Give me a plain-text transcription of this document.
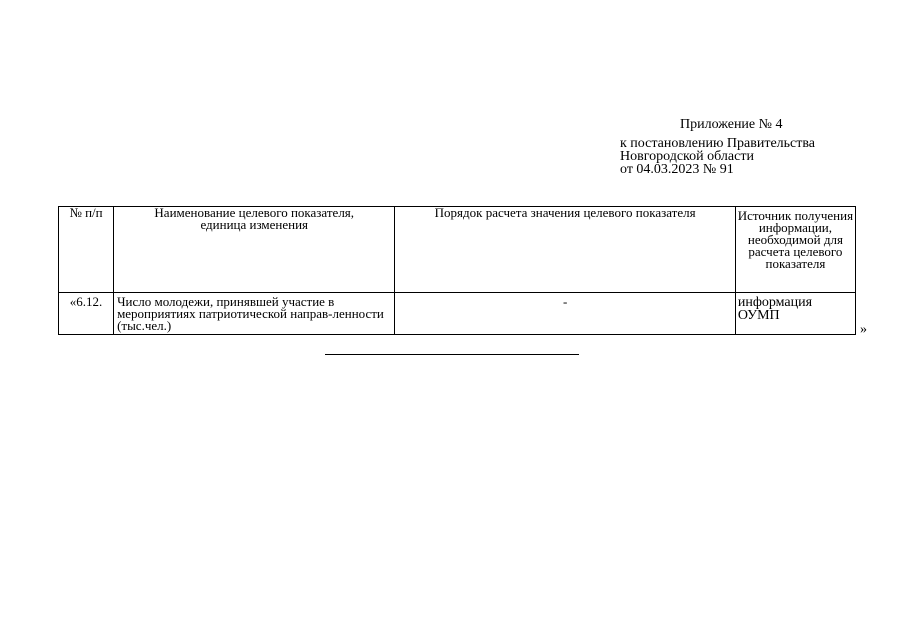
Приложение № 4
к постановлению Правительства
Новгородской области
от 04.03.2023 № 91
№ п/п	Наименование целевого показателя, единица изменения	Порядок расчета значения целевого показателя	Источник получения информации, необходимой для расчета целевого показателя

«6.12.	Число молодежи, принявшей участие в мероприятиях патриотической направ-ленности (тыс.чел.)	-	информация ОУМП
»
